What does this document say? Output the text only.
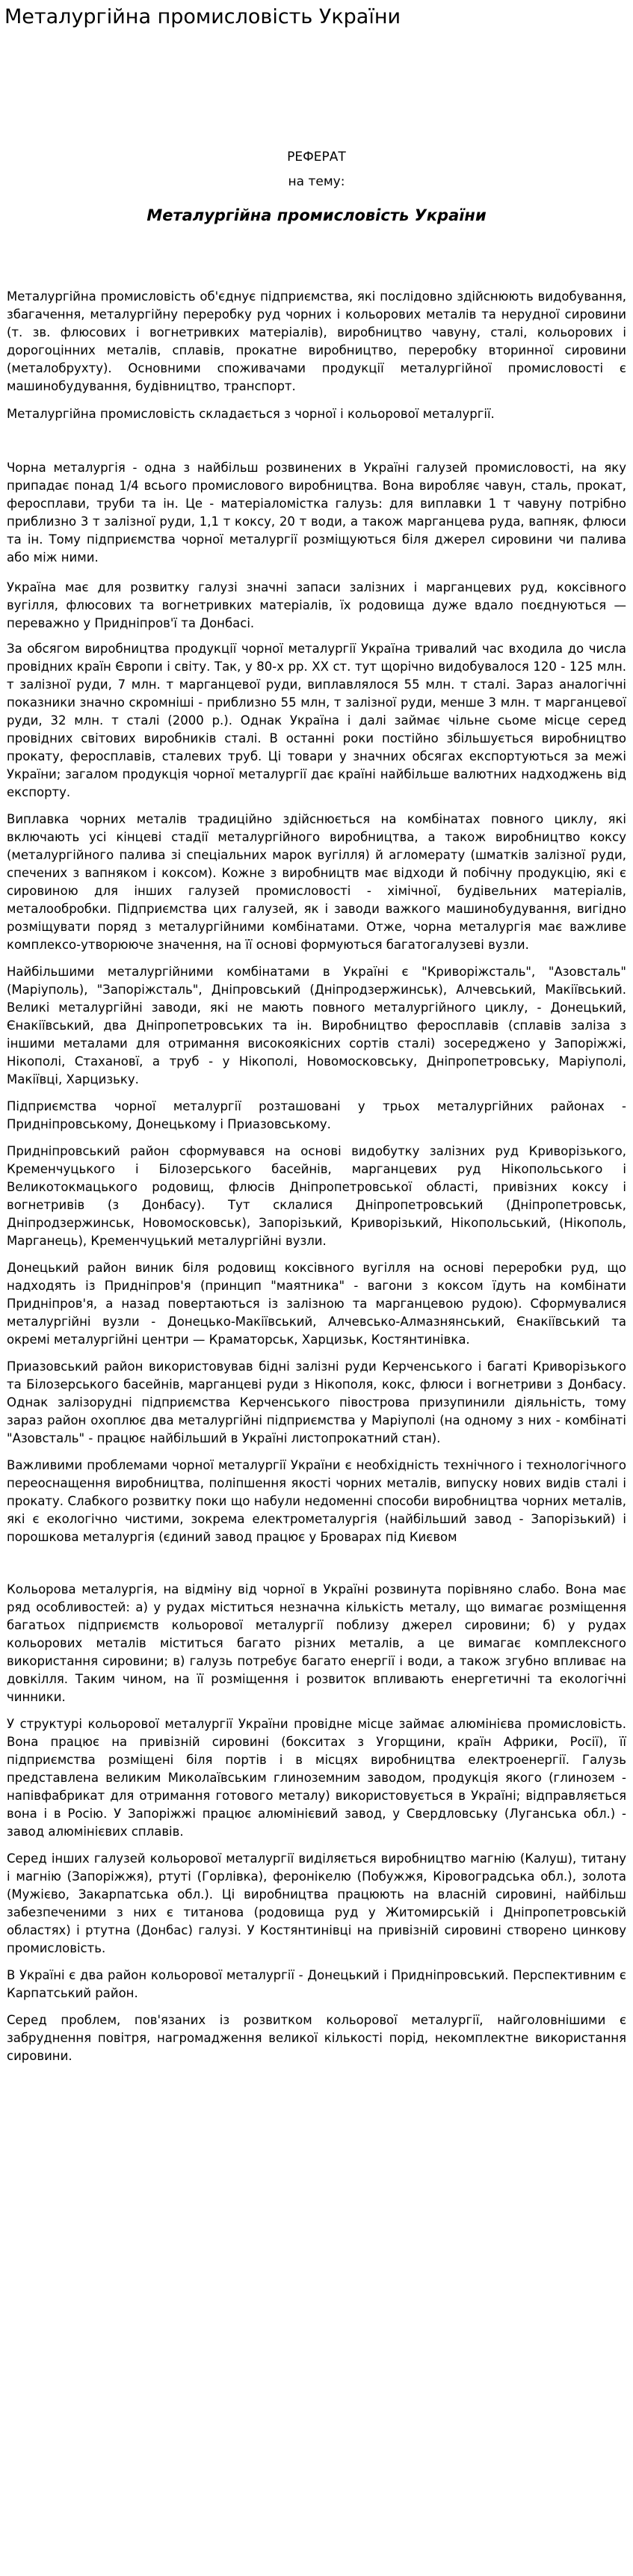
Металургійна промисловість України

РЕФЕРАТ

на тему:

Металургійна промисловість України

Металургійна промисловість об'єднує підприємства, які послідовно здійснюють видобування, збагачення, металургійну переробку руд чорних і кольорових металів та нерудної сировини (т. зв. флюсових і вогнетривких матеріалів), виробництво чавуну, сталі, кольорових і дорогоцінних металів, сплавів, прокатне виробництво, переробку вторинної сировини (металобрухту). Основними споживачами продукції металургійної промисловості є машинобудування, будівництво, транспорт.

Металургійна промисловість складається з чорної і кольорової металургії.

Чорна металургія - одна з найбільш розвинених в Україні галузей промисловості, на яку припадає понад 1/4 всього промислового виробництва. Вона виробляє чавун, сталь, прокат, феросплави, труби та ін. Це - матеріаломістка галузь: для виплавки 1 т чавуну потрібно приблизно 3 т залізної руди, 1,1 т коксу, 20 т води, а також марганцева руда, вапняк, флюси та ін. Тому підприємства чорної металургії розміщуються біля джерел сировини чи палива або між ними.

Україна має для розвитку галузі значні запаси залізних і марганцевих руд, коксівного вугілля, флюсових та вогнетривких матеріалів, їх родовища дуже вдало поєднуються — переважно у Придніпров'ї та Донбасі.

За обсягом виробництва продукції чорної металургії Україна тривалий час входила до числа провідних країн Європи і світу. Так, у 80-х рр. XX ст. тут щорічно видобувалося 120 - 125 млн. т залізної руди, 7 млн. т марганцевої руди, виплавлялося 55 млн. т сталі. Зараз аналогічні показники значно скромніші - приблизно 55 млн, т залізної руди, менше 3 млн. т марганцевої руди, 32 млн. т сталі (2000 р.). Однак Україна і далі займає чільне сьоме місце серед провідних світових виробників сталі. В останні роки постійно збільшується виробництво прокату, феросплавів, сталевих труб. Ці товари у значних обсягах експортуються за межі України; загалом продукція чорної металургії дає країні найбільше валютних надходжень від експорту.

Виплавка чорних металів традиційно здійснюється на комбінатах повного циклу, які включають усі кінцеві стадії металургійного виробництва, а також виробництво коксу (металургійного палива зі спеціальних марок вугілля) й агломерату (шматків залізної руди, спечених з вапняком і коксом). Кожне з виробництв має відходи й побічну продукцію, які є сировиною для інших галузей промисловості - хімічної, будівельних матеріалів, металообробки. Підприємства цих галузей, як і заводи важкого машинобудування, вигідно розміщувати поряд з металургійними комбінатами. Отже, чорна металургія має важливе комплексо-утворююче значення, на її основі формуються багатогалузеві вузли.

Найбільшими металургійними комбінатами в Україні є "Криворіжсталь", "Азовсталь" (Маріуполь), "Запоріжсталь", Дніпровський (Дніпродзержинськ), Алчевський, Макіївський. Великі металургійні заводи, які не мають повного металургійного циклу, - Донецький, Єнакіївський, два Дніпропетровських та ін. Виробництво феросплавів (сплавів заліза з іншими металами для отримання високоякісних сортів сталі) зосереджено у Запоріжжі, Нікополі, Стахановї, а труб - у Нікополі, Новомосковську, Дніпропетровську, Маріуполі, Макіївці, Харцизьку.

Підприємства чорної металургії розташовані у трьох металургійних районах - Придніпровському, Донецькому і Приазовському.

Придніпровський район сформувався на основі видобутку залізних руд Криворізького, Кременчуцького і Білозерського басейнів, марганцевих руд Нікопольського і Великотокмацького родовищ, флюсів Дніпропетровської області, привізних коксу і вогнетривів (з Донбасу). Тут склалися Дніпропетровський (Дніпропетровськ, Дніпродзержинськ, Новомосковськ), Запорізький, Криворізький, Нікопольський, (Нікополь, Марганець), Кременчуцький металургійні вузли.

Донецький район виник біля родовищ коксівного вугілля на основі переробки руд, що надходять із Придніпров'я (принцип "маятника" - вагони з коксом їдуть на комбінати Придніпров'я, а назад повертаються із залізною та марганцевою рудою). Сформувалися металургійні вузли - Донецько-Макіївський, Алчевсько-Алмазнянський, Єнакіївський та окремі металургійні центри — Краматорськ, Харцизьк, Костянтинівка.

Приазовський район використовував бідні залізні руди Керченського і багаті Криворізького та Білозерського басейнів, марганцеві руди з Нікополя, кокс, флюси і вогнетриви з Донбасу. Однак залізорудні підприємства Керченського півострова призупинили діяльність, тому зараз район охоплює два металургійні підприємства у Маріуполі (на одному з них - комбінаті "Азовсталь" - працює найбільший в Україні листопрокатний стан).

Важливими проблемами чорної металургії України є необхідність технічного і технологічного переоснащення виробництва, поліпшення якості чорних металів, випуску нових видів сталі і прокату. Слабкого розвитку поки що набули недоменні способи виробництва чорних металів, які є екологічно чистими, зокрема електрометалургія (найбільший завод - Запорізький) і порошкова металургія (єдиний завод працює у Броварах під Києвом

Кольорова металургія, на відміну від чорної в Україні розвинута порівняно слабо. Вона має ряд особливостей: а) у рудах міститься незначна кількість металу, що вимагає розміщення багатьох підприємств кольорової металургії поблизу джерел сировини; б) у рудах кольорових металів міститься багато різних металів, а це вимагає комплексного використання сировини; в) галузь потребує багато енергії і води, а також згубно впливає на довкілля. Таким чином, на її розміщення і розвиток впливають енергетичні та екологічні чинники.

У структурі кольорової металургії України провідне місце займає алюмінієва промисловість. Вона працює на привізній сировині (бокситах з Угорщини, країн Африки, Росії), її підприємства розміщені біля портів і в місцях виробництва електроенергії. Галузь представлена великим Миколаївським глиноземним заводом, продукція якого (глинозем - напівфабрикат для отримання готового металу) використовується в Україні; відправляється вона і в Росію. У Запоріжжі працює алюмінієвий завод, у Свердловську (Луганська обл.) - завод алюмінієвих сплавів.

Серед інших галузей кольорової металургії виділяється виробництво магнію (Калуш), титану і магнію (Запоріжжя), ртуті (Горлівка), феронікелю (Побужжя, Кіровоградська обл.), золота (Мужієво, Закарпатська обл.). Ці виробництва працюють на власній сировині, найбільш забезпеченими з них є титанова (родовища руд у Житомирській і Дніпропетровській областях) і ртутна (Донбас) галузі. У Костянтинівці на привізній сировині створено цинкову промисловість.

В Україні є два район кольорової металургії - Донецький і Придніпровський. Перспективним є Карпатський район.

Серед проблем, пов'язаних із розвитком кольорової металургії, найголовнішими є забруднення повітря, нагромадження великої кількості порід, некомплектне використання сировини.
